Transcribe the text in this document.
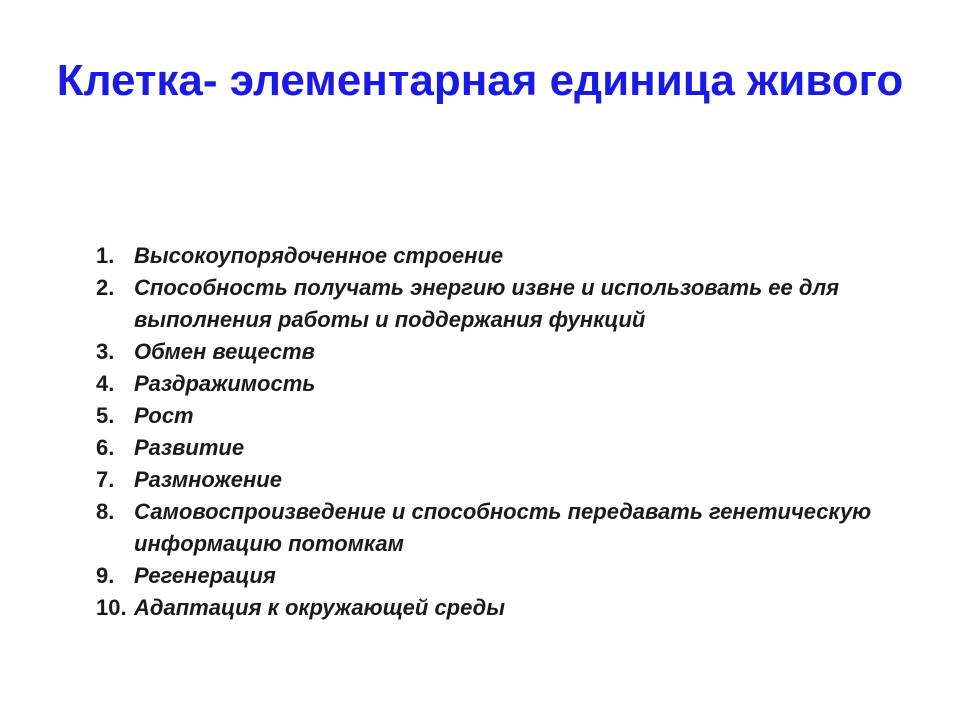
Клетка- элементарная единица живого
1. Высокоупорядоченное строение
2. Способность получать энергию извне и использовать ее для выполнения работы и поддержания функций
3. Обмен веществ
4. Раздражимость
5. Рост
6. Развитие
7. Размножение
8. Самовоспроизведение и способность передавать генетическую информацию потомкам
9. Регенерация
10. Адаптация к окружающей среды
